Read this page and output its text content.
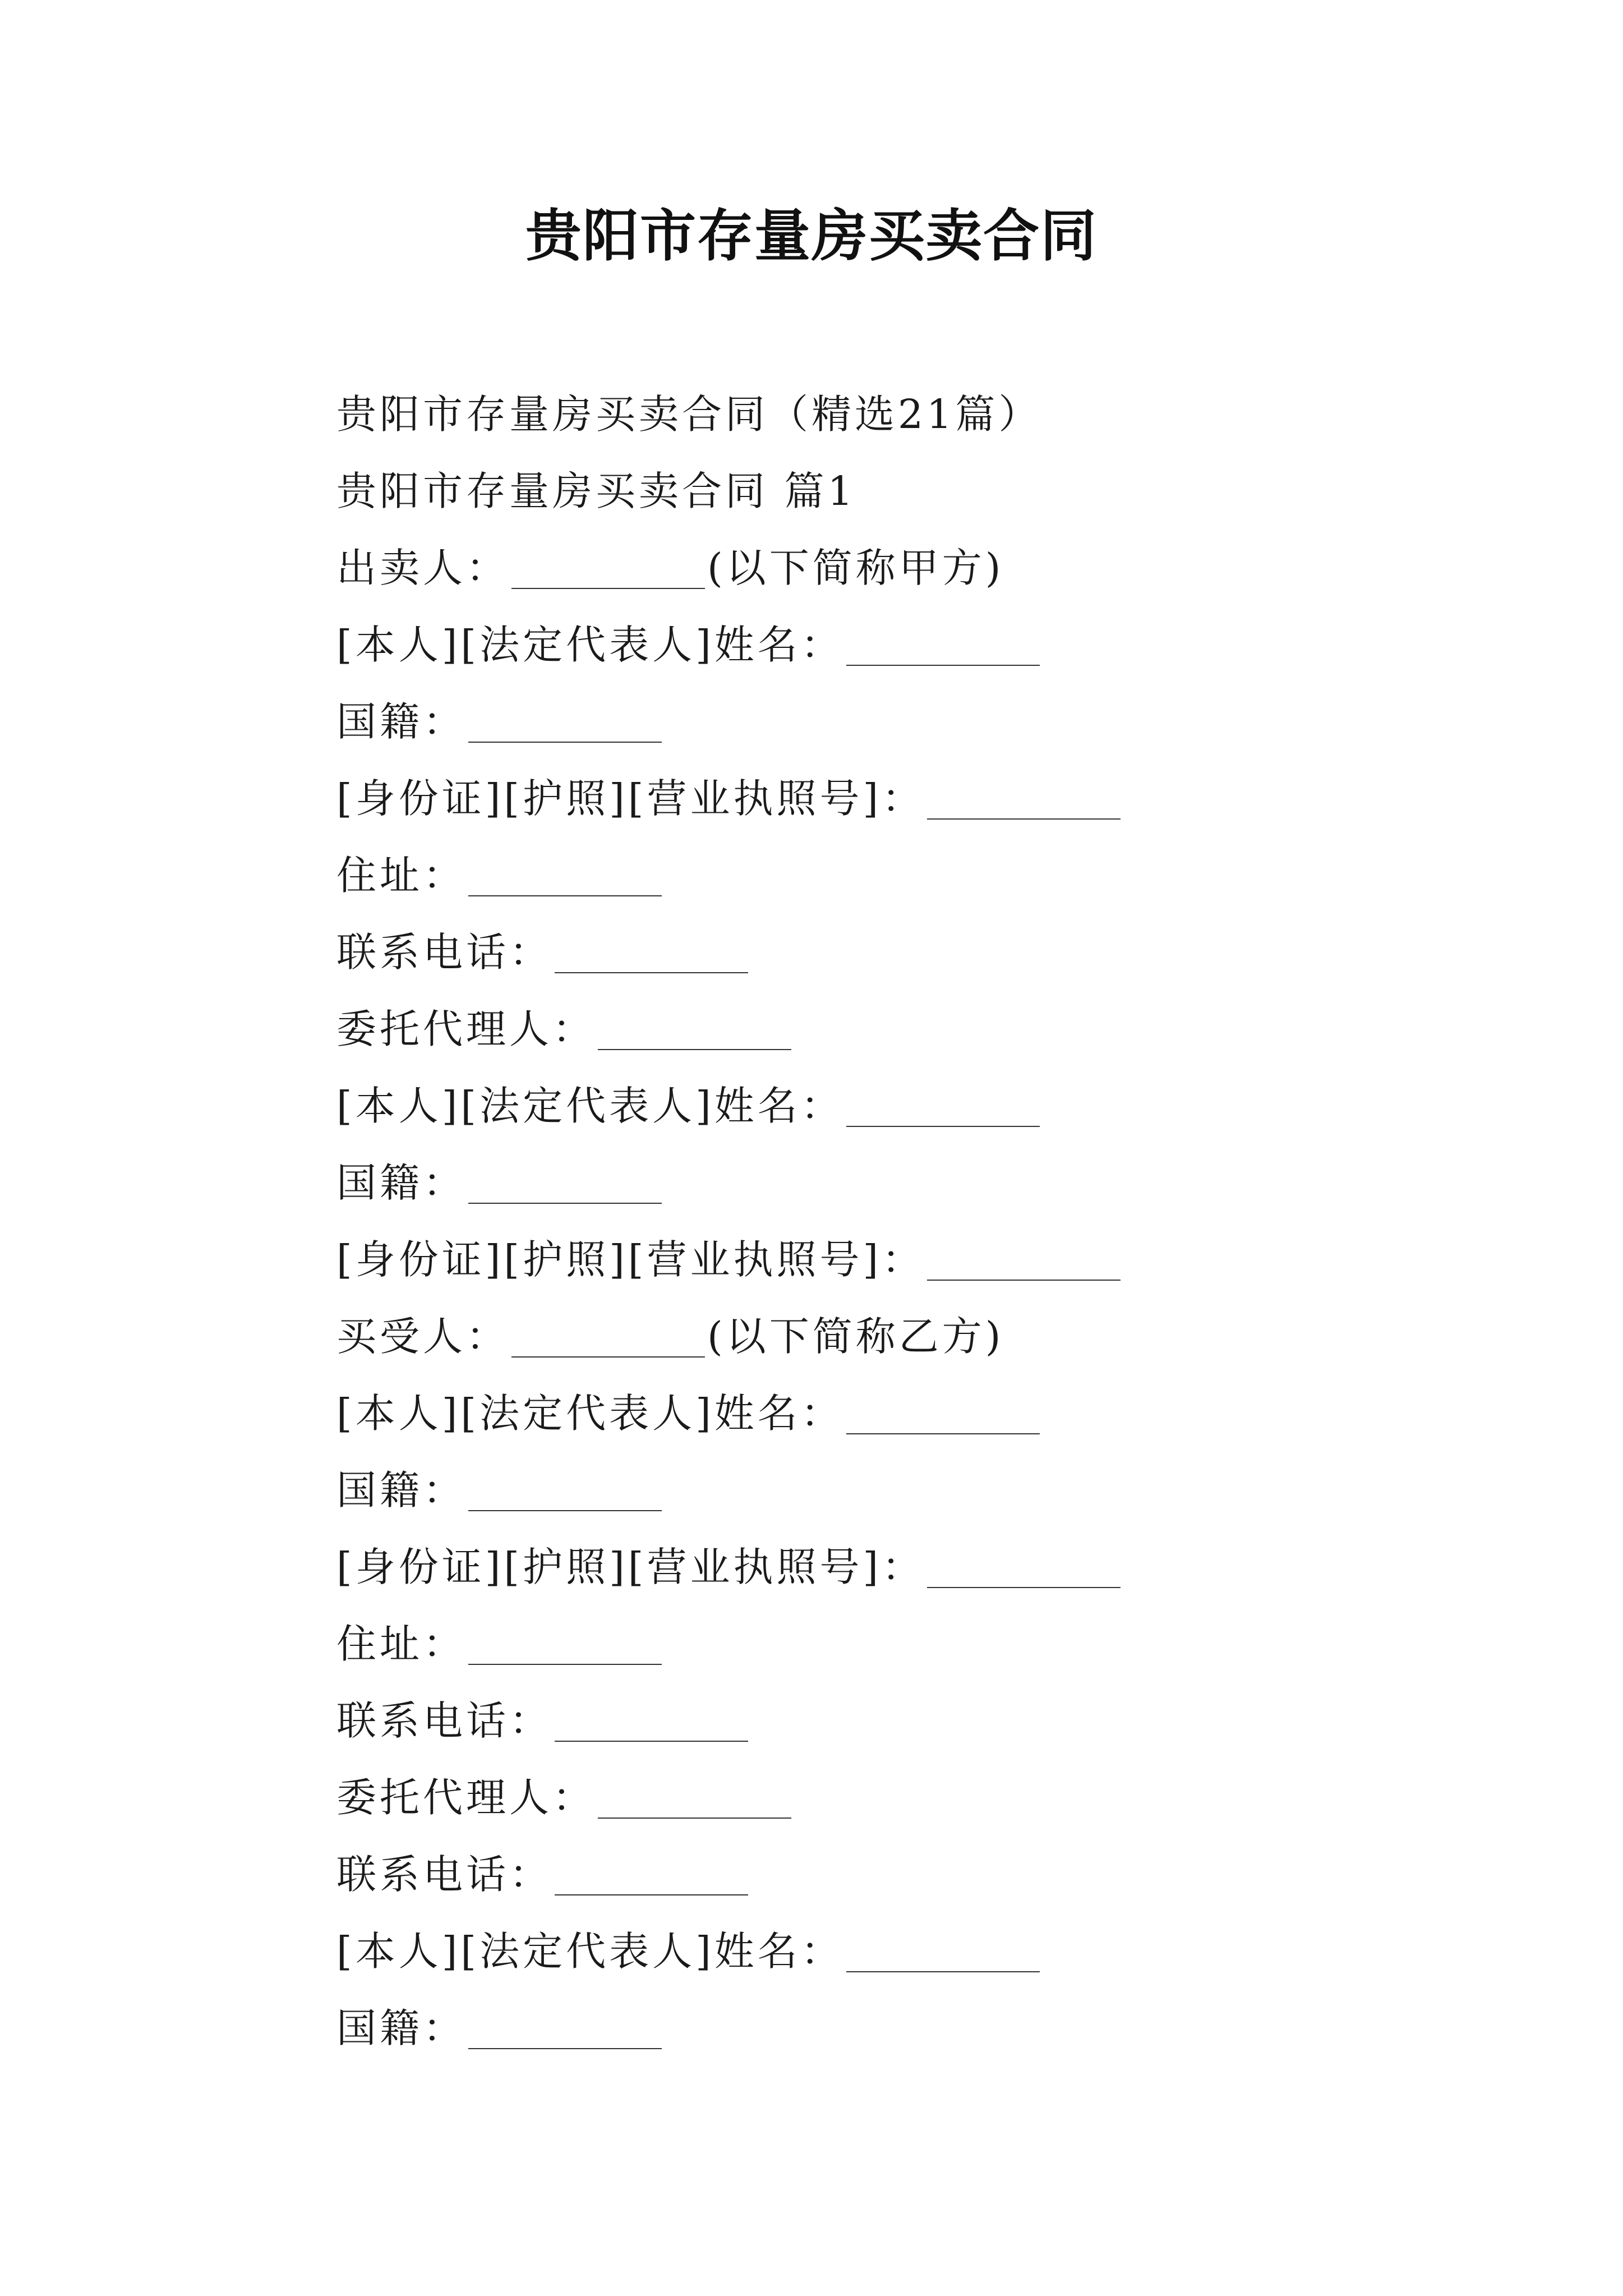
贵阳市存量房买卖合同
贵阳市存量房买卖合同（精选21篇）
贵阳市存量房买卖合同 篇1
出卖人：	(以下简称甲方)
[本人][法定代表人]姓名：
国籍：
[身份证][护照][营业执照号]：
住址：
联系电话：
委托代理人：
[本人][法定代表人]姓名：
国籍：
[身份证][护照][营业执照号]：
买受人：	(以下简称乙方)
[本人][法定代表人]姓名：
国籍：
[身份证][护照][营业执照号]：
住址：
联系电话：
委托代理人：
联系电话：
[本人][法定代表人]姓名：
国籍：
